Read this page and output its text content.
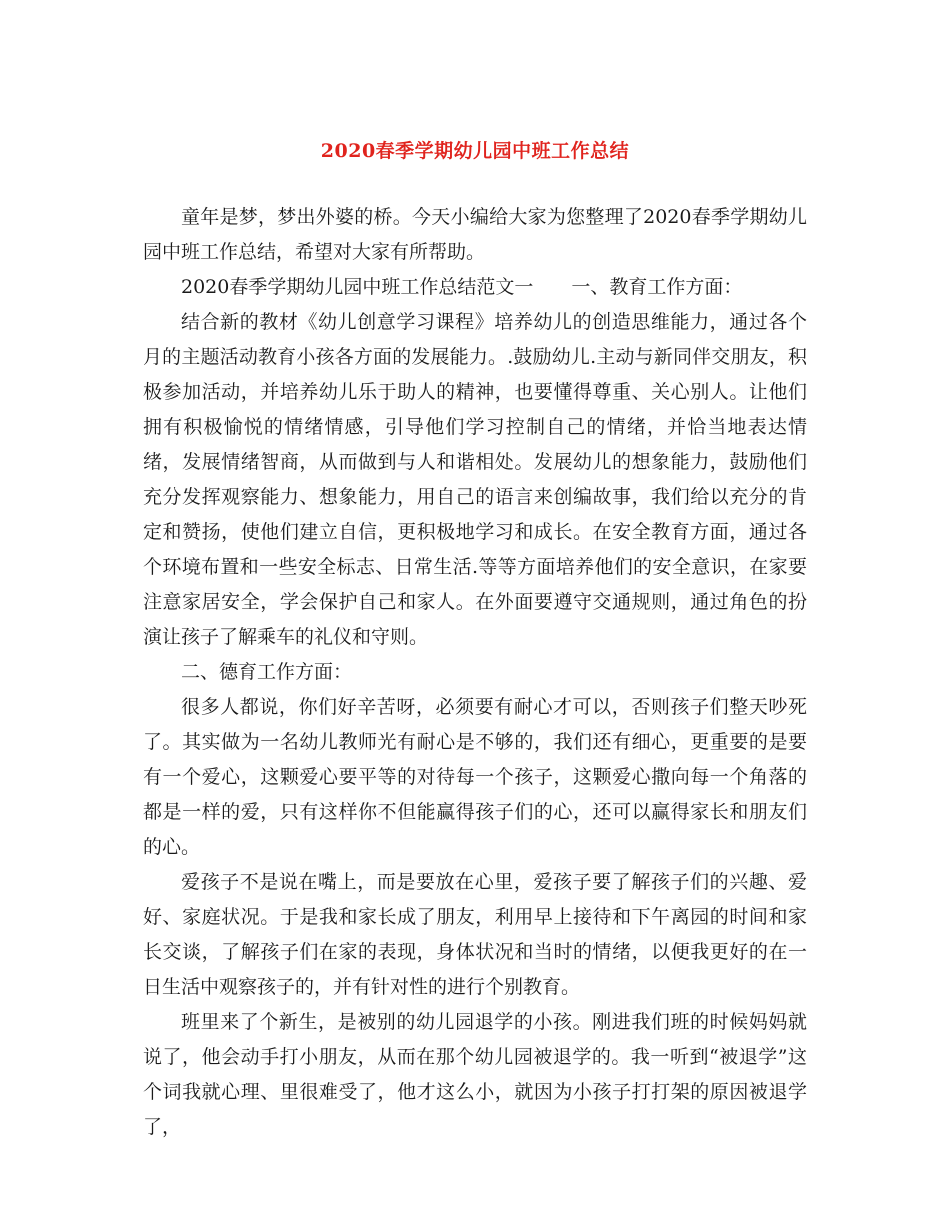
2020春季学期幼儿园中班工作总结

童年是梦，梦出外婆的桥。今天小编给大家为您整理了2020春季学期幼儿园中班工作总结，希望对大家有所帮助。

2020春季学期幼儿园中班工作总结范文一 一、教育工作方面：

结合新的教材《幼儿创意学习课程》培养幼儿的创造思维能力，通过各个月的主题活动教育小孩各方面的发展能力。.鼓励幼儿.主动与新同伴交朋友，积极参加活动，并培养幼儿乐于助人的精神，也要懂得尊重、关心别人。让他们拥有积极愉悦的情绪情感，引导他们学习控制自己的情绪，并恰当地表达情绪，发展情绪智商，从而做到与人和谐相处。发展幼儿的想象能力，鼓励他们充分发挥观察能力、想象能力，用自己的语言来创编故事，我们给以充分的肯定和赞扬，使他们建立自信，更积极地学习和成长。在安全教育方面，通过各个环境布置和一些安全标志、日常生活.等等方面培养他们的安全意识，在家要注意家居安全，学会保护自己和家人。在外面要遵守交通规则，通过角色的扮演让孩子了解乘车的礼仪和守则。

二、德育工作方面：

很多人都说，你们好辛苦呀，必须要有耐心才可以，否则孩子们整天吵死了。其实做为一名幼儿教师光有耐心是不够的，我们还有细心，更重要的是要有一个爱心，这颗爱心要平等的对待每一个孩子，这颗爱心撒向每一个角落的都是一样的爱，只有这样你不但能赢得孩子们的心，还可以赢得家长和朋友们的心。

爱孩子不是说在嘴上，而是要放在心里，爱孩子要了解孩子们的兴趣、爱好、家庭状况。于是我和家长成了朋友，利用早上接待和下午离园的时间和家长交谈，了解孩子们在家的表现，身体状况和当时的情绪，以便我更好的在一日生活中观察孩子的，并有针对性的进行个别教育。

班里来了个新生，是被别的幼儿园退学的小孩。刚进我们班的时候妈妈就说了，他会动手打小朋友，从而在那个幼儿园被退学的。我一听到“被退学”这个词我就心理、里很难受了，他才这么小，就因为小孩子打打架的原因被退学了，
